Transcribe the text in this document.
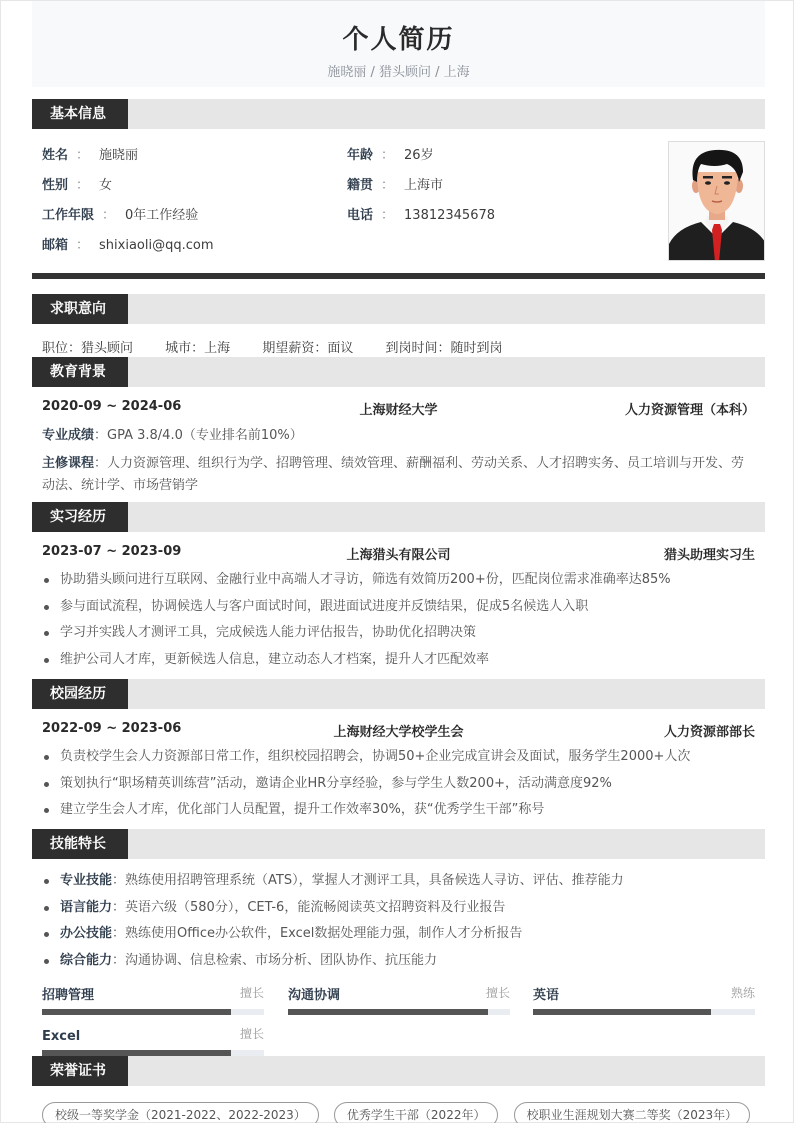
个人简历
施晓丽 / 猎头顾问 / 上海
基本信息
姓名 ： 施晓丽	年龄 ： 26岁
性别 ： 女	籍贯 ： 上海市
工作年限 ： 0年工作经验	电话 ： 13812345678
邮箱 ： shixiaoli@qq.com
求职意向
职位：猎头顾问 城市：上海 期望薪资：面议 到岗时间：随时到岗
教育背景
2020-09 ~ 2024-06	上海财经大学	人力资源管理（本科）
专业成绩：GPA 3.8/4.0（专业排名前10%）
主修课程：人力资源管理、组织行为学、招聘管理、绩效管理、薪酬福利、劳动关系、人才招聘实务、员工培训与开发、劳动法、统计学、市场营销学
实习经历
2023-07 ~ 2023-09	上海猎头有限公司	猎头助理实习生
协助猎头顾问进行互联网、金融行业中高端人才寻访，筛选有效简历200+份，匹配岗位需求准确率达85%
参与面试流程，协调候选人与客户面试时间，跟进面试进度并反馈结果，促成5名候选人入职
学习并实践人才测评工具，完成候选人能力评估报告，协助优化招聘决策
维护公司人才库，更新候选人信息，建立动态人才档案，提升人才匹配效率
校园经历
2022-09 ~ 2023-06	上海财经大学校学生会	人力资源部部长
负责校学生会人力资源部日常工作，组织校园招聘会，协调50+企业完成宣讲会及面试，服务学生2000+人次
策划执行“职场精英训练营”活动，邀请企业HR分享经验，参与学生人数200+，活动满意度92%
建立学生会人才库，优化部门人员配置，提升工作效率30%，获“优秀学生干部”称号
技能特长
专业技能：熟练使用招聘管理系统（ATS），掌握人才测评工具，具备候选人寻访、评估、推荐能力
语言能力：英语六级（580分），CET-6，能流畅阅读英文招聘资料及行业报告
办公技能：熟练使用Office办公软件，Excel数据处理能力强，制作人才分析报告
综合能力：沟通协调、信息检索、市场分析、团队协作、抗压能力
招聘管理	擅长 沟通协调	擅长 英语	熟练
Excel	擅长
荣誉证书
校级一等奖学金（2021-2022、2022-2023）	优秀学生干部（2022年）	校职业生涯规划大赛二等奖（2023年）
